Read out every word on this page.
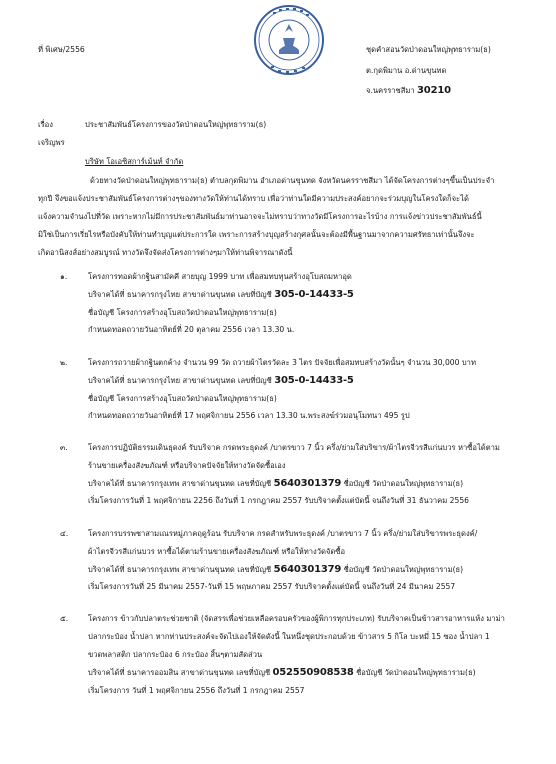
ที่ พิเศษ/2556	ชุดคำสอนวัดป่าดอนใหญ่พุทธาราม(ธ)
ต.กุดพิมาน อ.ด่านขุนทด
จ.นครราชสีมา 30210
เรื่อง	ประชาสัมพันธ์โครงการของวัดป่าดอนใหญ่พุทธาราม(ธ)
เจริญพร
บริษัท โอเอซิสการ์เม้นท์ จำกัด
ด้วยทางวัดป่าดอนใหญ่พุทธาราม(ธ) ตำบลกุดพิมาน อำเภอด่านขุนทด จังหวัดนครราชสีมา ได้จัดโครงการต่างๆขึ้นเป็นประจำ
ทุกปี จึงขอแจ้งประชาสัมพันธ์โครงการต่างๆของทางวัดให้ท่านได้ทราบ เพื่อว่าท่านใดมีความประสงค์อยากจะร่วมบุญในโครงใดก็จะได้
แจ้งความจำนงไปที่วัด เพราะหากไม่มีการประชาสัมพันธ์มาท่านอาจจะไม่ทราบว่าทางวัดมีโครงการอะไรบ้าง การแจ้งข่าวประชาสัมพันธ์นี้
มิใช่เป็นการเรี่ยไรหรือบังคับให้ท่านทำบุญแต่ประการใด เพราะการสร้างบุญสร้างกุศลนั้นจะต้องมีพื้นฐานมาจากความศรัทธาเท่านั้นจึงจะ
เกิดอานิสงส์อย่างสมบูรณ์ ทางวัดจึงจัดส่งโครงการต่างๆมาให้ท่านพิจารณาดังนี้
๑.	โครงการทอดผ้ากฐินสามัคคี สายบุญ 1999 บาท เพื่อสมทบทุนสร้างอุโบสถมหาอุด
บริจาคได้ที่ ธนาคารกรุงไทย สาขาด่านขุนทด เลขที่บัญชี 305-0-14433-5
ชื่อบัญชี โครงการสร้างอุโบสถวัดป่าดอนใหญ่พุทธาราม(ธ)
กำหนดทอดถวายวันอาทิตย์ที่ 20 ตุลาคม 2556 เวลา 13.30 น.
๒.	โครงการถวายผ้ากฐินตกค้าง จำนวน 99 วัด ถวายผ้าไตรวัดละ 3 ไตร ปัจจัยเพื่อสมทบสร้างวัดนั้นๆ จำนวน 30,000 บาท
บริจาคได้ที่ ธนาคารกรุงไทย สาขาด่านขุนทด เลขที่บัญชี 305-0-14433-5
ชื่อบัญชี โครงการสร้างอุโบสถวัดป่าดอนใหญ่พุทธาราม(ธ)
กำหนดทอดถวายวันอาทิตย์ที่ 17 พฤศจิกายน 2556 เวลา 13.30 น.พระสงฆ์ร่วมอนุโมทนา 495 รูป
๓.	โครงการปฏิบัติธรรมเดินธุดงค์ รับบริจาค กรดพระธุดงค์ /บาตรขาว 7 นิ้ว ครึ่ง/ย่ามใส่บริขาร/ผ้าไตรจีวรสีแก่นบวร หาซื้อได้ตาม
ร้านขายเครื่องสังฆภัณฑ์ หรือบริจาคปัจจัยให้ทางวัดจัดซื้อเอง
บริจาคได้ที่ ธนาคารกรุงเทพ สาขาด่านขุนทด เลขที่บัญชี 5640301379 ชื่อบัญชี วัดป่าดอนใหญ่พุทธาราม(ธ)
เริ่มโครงการวันที่ 1 พฤศจิกายน 2256 ถึงวันที่ 1 กรกฎาคม 2557 รับบริจาคตั้งแต่บัดนี้ จนถึงวันที่ 31 ธันวาคม 2556
๔.	โครงการบรรพชาสามเณรหมู่ภาคฤดูร้อน รับบริจาค กรดสำหรับพระธุดงค์ /บาตรขาว 7 นิ้ว ครึ่ง/ย่ามใส่บริขารพระธุดงค์/
ผ้าไตรจีวรสีแก่นบวร หาซื้อได้ตามร้านขายเครื่องสังฆภัณฑ์ หรือให้ทางวัดจัดซื้อ
บริจาคได้ที่ ธนาคารกรุงเทพ สาขาด่านขุนทด เลขที่บัญชี 5640301379 ชื่อบัญชี วัดป่าดอนใหญ่พุทธาราม(ธ)
เริ่มโครงการวันที่ 25 มีนาคม 2557-วันที่ 15 พฤษภาคม 2557 รับบริจาคตั้งแต่บัดนี้ จนถึงวันที่ 24 มีนาคม 2557
๕.	โครงการ ข้าวกับปลาตระช่วยชาติ (จัดสรรเพื่อช่วยเหลือครอบครัวของผู้พิการทุกประเภท) รับบริจาคเป็นข้าวสารอาหารแห้ง มาม่า
ปลากระป๋อง น้ำปลา หากท่านประสงค์จะจัดไปเองให้จัดดังนี้ ในหนึ่งชุดประกอบด้วย ข้าวสาร 5 กิโล บะหมี่ 15 ซอง น้ำปลา 1
ขวดพลาสติก ปลากระป๋อง 6 กระป๋อง สิ้นๆตามสัดส่วน
บริจาคได้ที่ ธนาคารออมสิน สาขาด่านขุนทด เลขที่บัญชี 052550908538 ชื่อบัญชี วัดป่าดอนใหญ่พุทธาราม(ธ)
เริ่มโครงการ วันที่ 1 พฤศจิกายน 2556 ถึงวันที่ 1 กรกฎาคม 2557
